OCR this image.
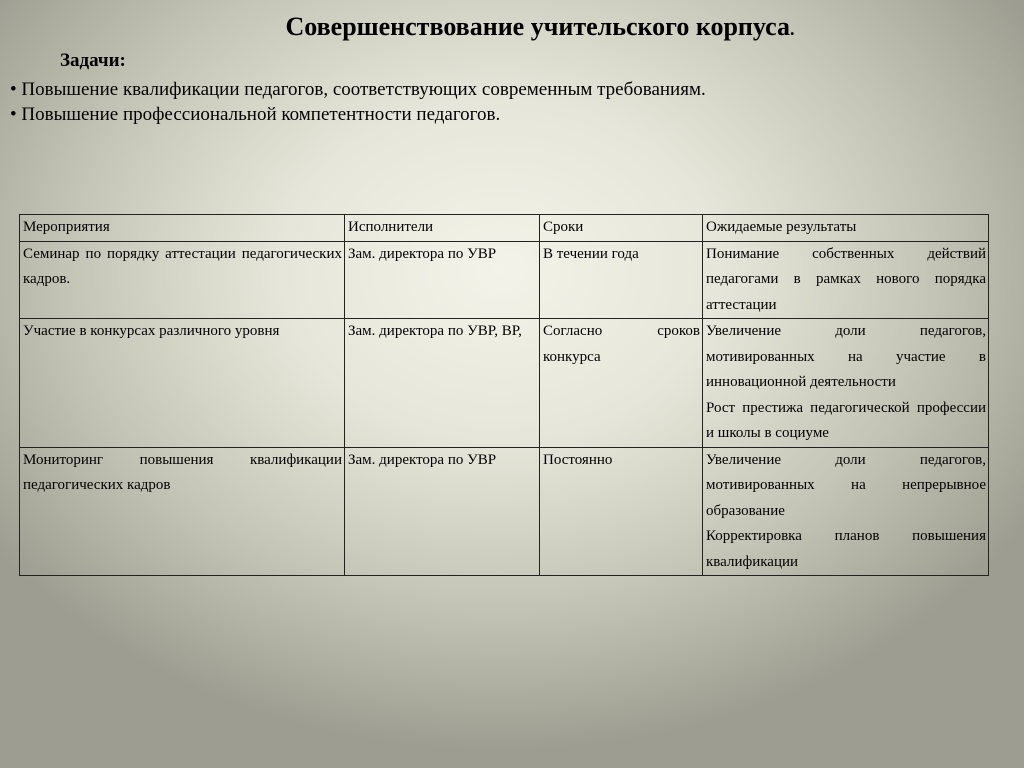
Совершенствование учительского корпуса.
Задачи:
• Повышение квалификации педагогов, соответствующих современным требованиям.
• Повышение профессиональной компетентности педагогов.
Мероприятия	Исполнители	Сроки	Ожидаемые результаты
Семинар по порядку аттестации педагогических кадров.	Зам. директора по УВР	В течении года	Понимание собственных действий педагогами в рамках нового порядка аттестации

Участие в конкурсах различного уровня	Зам. директора по УВР, ВР,	Согласно сроков конкурса	Увеличение доли педагогов, мотивированных на участие в инновационной деятельности
Рост престижа педагогической профессии и школы в социуме

Мониторинг повышения квалификации педагогических кадров	Зам. директора по УВР	Постоянно	Увеличение доли педагогов, мотивированных на непрерывное образование
Корректировка планов повышения квалификации
